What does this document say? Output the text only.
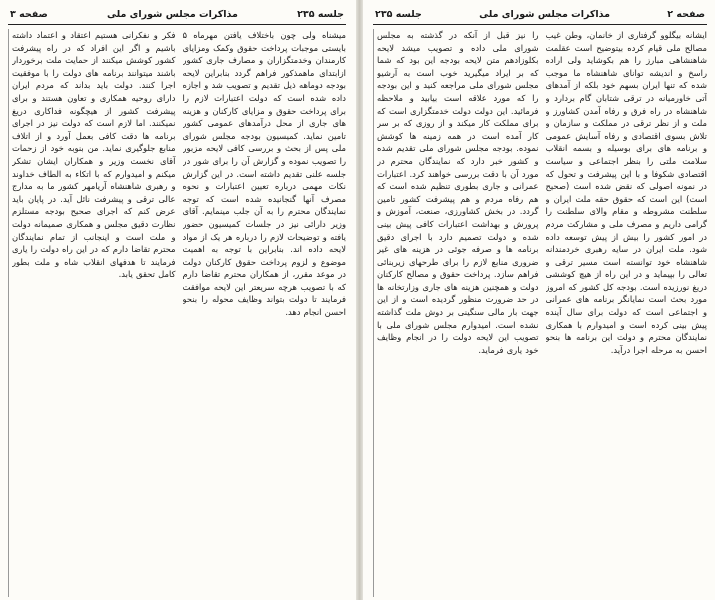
صفحه ۲
مذاکرات مجلس شورای ملی
جلسه ۲۳۵
ایشانه بیگلوو گرفتاری از خانمان، وطن غیب مصالح ملی قیام کرده بیتوضیح است عقلمت شاهنشاهی مبارز را هم بکوشاید ولی اراده راسخ و اندیشه توانای شاهنشاه ما موجب شده که تنها ایران بسهم خود بلکه از آمدهای آتی خاورمیانه در ترقی شتابان گام بردارد و شاهنشاه در راه فرق و رفاه آمدن کشاورز و ملت و از نظر ترقی در مملکت و سازمان و تلاش بسوی اقتصادی و رفاه آسایش عمومی و برنامه های برای بوسیله و بسمه انقلاب سلامت ملتی را بنظر اجتماعی و سیاست اقتصادی شکوفا و با این پیشرفت و تحول که در نمونه اصولی که نقض شده است (صحیح است) این است که حقوق حقه ملت ایران و سلطنت مشروطه و مقام والای سلطنت را گرامی داریم و مصرف ملی و مشارکت مردم در امور کشور را بیش از پیش توسعه داده شود. ملت ایران در سایه رهبری خردمندانه شاهنشاه خود توانسته است مسیر ترقی و تعالی را بپیماید و در این راه از هیچ کوششی دریغ نورزیده است. بودجه کل کشور که امروز مورد بحث است نمایانگر برنامه های عمرانی و اجتماعی است که دولت برای سال آینده پیش بینی کرده است و امیدوارم با همکاری نمایندگان محترم و دولت این برنامه ها بنحو احسن به مرحله اجرا درآید.
را نیز قبل از آنکه در گذشته به مجلس شورای ملی داده و تصویب میشد لایحه بکلوزادهم متن لایحه بودجه این بود که شما که بر ایراد میگیرید خوب است به آرشیو مجلس شورای ملی مراجعه کنید و این بودجه را که مورد علاقه است بیابید و ملاحظه فرمائید. این دولت دولت خدمتگزاری است که برای مملکت کار میکند و از روزی که بر سر کار آمده است در همه زمینه ها کوشش نموده. بودجه مجلس شورای ملی تقدیم شده و کشور خبر دارد که نمایندگان محترم در مورد آن با دقت بررسی خواهند کرد. اعتبارات عمرانی و جاری بطوری تنظیم شده است که هم رفاه مردم و هم پیشرفت کشور تامین گردد. در بخش کشاورزی، صنعت، آموزش و پرورش و بهداشت اعتبارات کافی پیش بینی شده و دولت تصمیم دارد با اجرای دقیق برنامه ها و صرفه جوئی در هزینه های غیر ضروری منابع لازم را برای طرحهای زیربنائی فراهم سازد. پرداخت حقوق و مصالح کارکنان دولت و همچنین هزینه های جاری وزارتخانه ها در حد ضرورت منظور گردیده است و از این جهت بار مالی سنگینی بر دوش ملت گذاشته نشده است. امیدوارم مجلس شورای ملی با تصویب این لایحه دولت را در انجام وظایف خود یاری فرماید.
جلسه ۲۳۵
مذاکرات مجلس شورای ملی
صفحه ۳
میشناه ولی چون باختلاف یافتن مهرماه ۵ بایستی موجبات پرداخت حقوق وکمک ومزایای کارمندان وخدمتگزاران و مصارف جاری کشور ازابتدای ماهمذکور فراهم گردد بنابراین لایحه بودجه دوماهه ذیل تقدیم و تصویب شد و اجازه داده شده است که دولت اعتبارات لازم را برای پرداخت حقوق و مزایای کارکنان و هزینه های جاری از محل درآمدهای عمومی کشور تامین نماید. کمیسیون بودجه مجلس شورای ملی پس از بحث و بررسی کافی لایحه مزبور را تصویب نموده و گزارش آن را برای شور در جلسه علنی تقدیم داشته است. در این گزارش نکات مهمی درباره تعیین اعتبارات و نحوه مصرف آنها گنجانیده شده است که توجه نمایندگان محترم را به آن جلب مینمایم. آقای وزیر دارائی نیز در جلسات کمیسیون حضور یافته و توضیحات لازم را درباره هر یک از مواد لایحه داده اند. بنابراین با توجه به اهمیت موضوع و لزوم پرداخت حقوق کارکنان دولت در موعد مقرر، از همکاران محترم تقاضا دارم که با تصویب هرچه سریعتر این لایحه موافقت فرمایند تا دولت بتواند وظایف محوله را بنحو احسن انجام دهد.
فکر و نفکرانی هستیم اعتقاد و اعتماد داشته باشیم و اگر این افراد که در راه پیشرفت کشور کوشش میکنند از حمایت ملت برخوردار باشند میتوانند برنامه های دولت را با موفقیت اجرا کنند. دولت باید بداند که مردم ایران دارای روحیه همکاری و تعاون هستند و برای پیشرفت کشور از هیچگونه فداکاری دریغ نمیکنند. اما لازم است که دولت نیز در اجرای برنامه ها دقت کافی بعمل آورد و از اتلاف منابع جلوگیری نماید. من بنوبه خود از زحمات آقای نخست وزیر و همکاران ایشان تشکر میکنم و امیدوارم که با اتکاء به الطاف خداوند و رهبری شاهنشاه آریامهر کشور ما به مدارج عالی ترقی و پیشرفت نائل آید. در پایان باید عرض کنم که اجرای صحیح بودجه مستلزم نظارت دقیق مجلس و همکاری صمیمانه دولت و ملت است و اینجانب از تمام نمایندگان محترم تقاضا دارم که در این راه دولت را یاری فرمایند تا هدفهای انقلاب شاه و ملت بطور کامل تحقق یابد.
